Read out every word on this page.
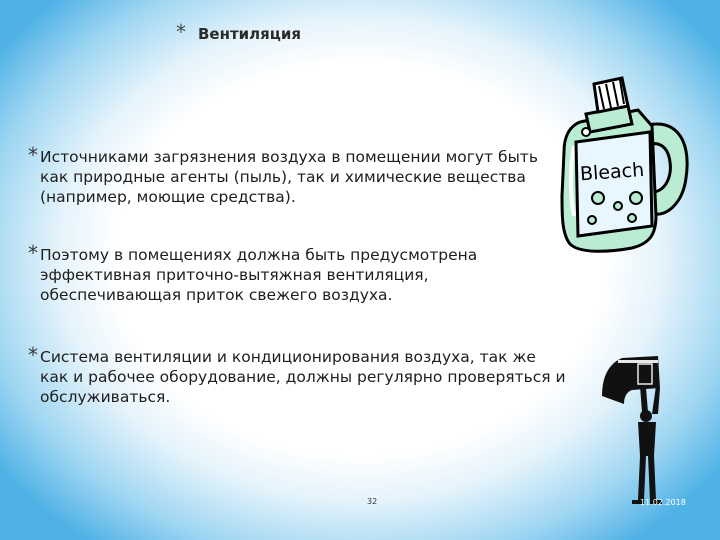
* Вентиляция
* Источниками загрязнения воздуха в помещении могут быть как природные агенты (пыль), так и химические вещества (например, моющие средства).
* Поэтому в помещениях должна быть предусмотрена эффективная приточно-вытяжная вентиляция, обеспечивающая приток свежего воздуха.
* Система вентиляции и кондиционирования воздуха, так же как и рабочее оборудование, должны регулярно проверяться и обслуживаться.
Bleach
32	11.02.2018
